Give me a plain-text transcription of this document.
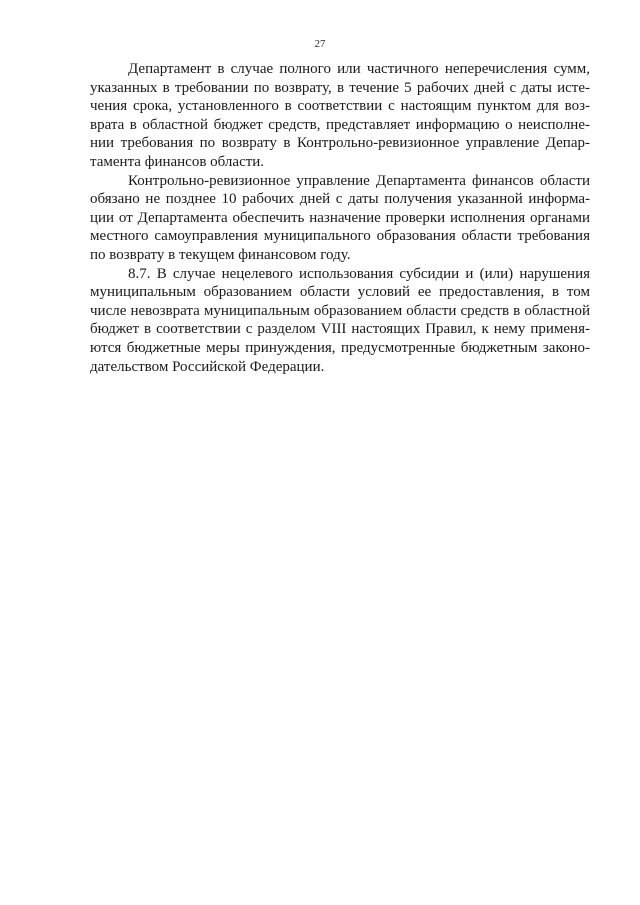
27

Департамент в случае полного или частичного неперечисления сумм, указанных в требовании по возврату, в течение 5 рабочих дней с даты истечения срока, установленного в соответствии с настоящим пунктом для возврата в областной бюджет средств, представляет информацию о неисполнении требования по возврату в Контрольно-ревизионное управление Департамента финансов области.

Контрольно-ревизионное управление Департамента финансов области обязано не позднее 10 рабочих дней с даты получения указанной информации от Департамента обеспечить назначение проверки исполнения органами местного самоуправления муниципального образования области требования по возврату в текущем финансовом году.

8.7. В случае нецелевого использования субсидии и (или) нарушения муниципальным образованием области условий ее предоставления, в том числе невозврата муниципальным образованием области средств в областной бюджет в соответствии с разделом VIII настоящих Правил, к нему применяются бюджетные меры принуждения, предусмотренные бюджетным законодательством Российской Федерации.
